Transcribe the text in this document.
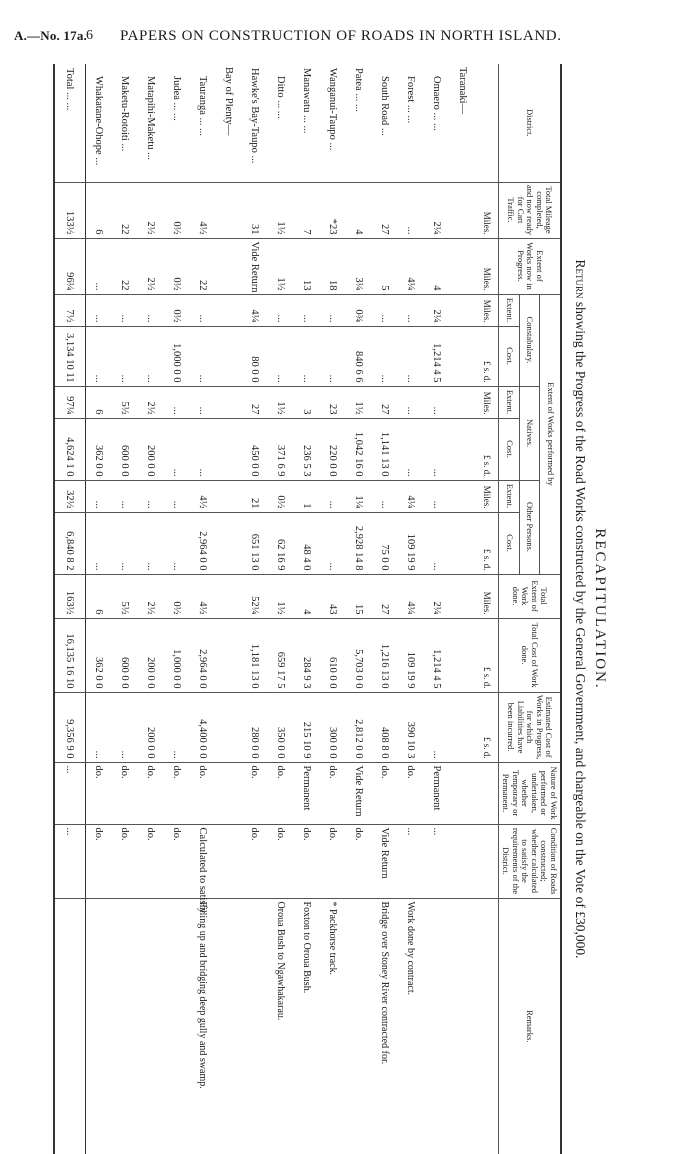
A.—No. 17a. 6 PAPERS ON CONSTRUCTION OF ROADS IN NORTH ISLAND.
RECAPITULATION.
Return showing the Progress of the Road Works constructed by the General Government, and chargeable on the Vote of £30,000.
District.	Total Mileage completed, and now ready for Cart Traffic.	Extent of Works now in Progress.	Extent of Works performed by						Total Extent of Work done.	Total Cost of Work done.	Estimated Cost of Works in Progress, for which Liabilities have been incurred.	Nature of Work performed or undertaken, whether Temporary or Permanent.	Condition of Roads constructed; whether calculated to satisfy the requirements of the District.	Remarks.
			Constabulary.		Natives.		Other Persons.							
			Extent.	Cost.	Extent.	Cost.	Extent.	Cost.						
	Miles.	Miles.	Miles.	£ s. d.	Miles.	£ s. d.	Miles.	£ s. d.	Miles.	£ s. d.	£ s. d.			
Taranaki—														
Omaero ... ...	2¼	4	2¼	1,214 4 5	...	...	...	...	2¼	1,214 4 5	...	Permanent	...	
Forest ... ...	...	4¼	...	...	...	...	4¼	109 19 9	4¼	109 19 9	390 10 3	do.	...	Work done by contract.
South Road ...	27	5	...	...	27	1,141 13 0	...	75 0 0	27	1,216 13 0	408 8 0	do.	Vide Return	Bridge over Stoney River contracted for.
Patea ... ...	4	3¼	0¾	840 6 6	1½	1,042 16 0	1¼	2,928 14 8	15	5,703 0 0	2,812 0 0	Vide Return	do.	
Wanganui-Taupo ...	*23	18	...	...	23	220 0 0	...	...	43	610 0 0	300 0 0	do.	do.	* Packhorse track.
Manawatu ... ...	7	13	...	...	3	236 5 3	1	48 4 0	4	284 9 3	215 10 9	Permanent	do.	Foxton to Oroua Bush.
Ditto ... ...	1½	1½	...	...	1½	371 6 9	0½	62 16 9	1½	659 17 5	350 0 0	do.	do.	Oroua Bush to Ngawhakarau.
Hawke's Bay-Taupo ...	31	Vide Return	4¼	80 0 0	27	450 0 0	21	651 13 0	52¼	1,181 13 0	280 0 0	do.	do.	
Bay of Plenty—														
Tauranga ... ...	4½	22	...	...	...	...	4½	2,964 0 0	4½	2,964 0 0	4,400 0 0	do.	Calculated to satisfy	Filling up and bridging deep gully and swamp.
Judea ... ...	0½	0½	0½	1,000 0 0	...	...	...	...	0½	1,000 0 0	...	do.	do.	
Matapihi-Maketu ...	2½	2½	...	...	2½	200 0 0	...	...	2½	200 0 0	200 0 0	do.	do.	
Maketu-Rotoiti ...	22	22	...	...	5½	600 0 0	...	...	5½	600 0 0	...	do.	do.	
Whakatane-Ohope ...	6	...	...	...	6	362 0 0	...	...	6	362 0 0	...	do.	do.	
Total ... ...	133½	96¼	7½	3,134 10 11	97¼	4,624 1 0	32½	6,840 8 2	163½	16,135 16 10	9,356 9 0	...	...	
